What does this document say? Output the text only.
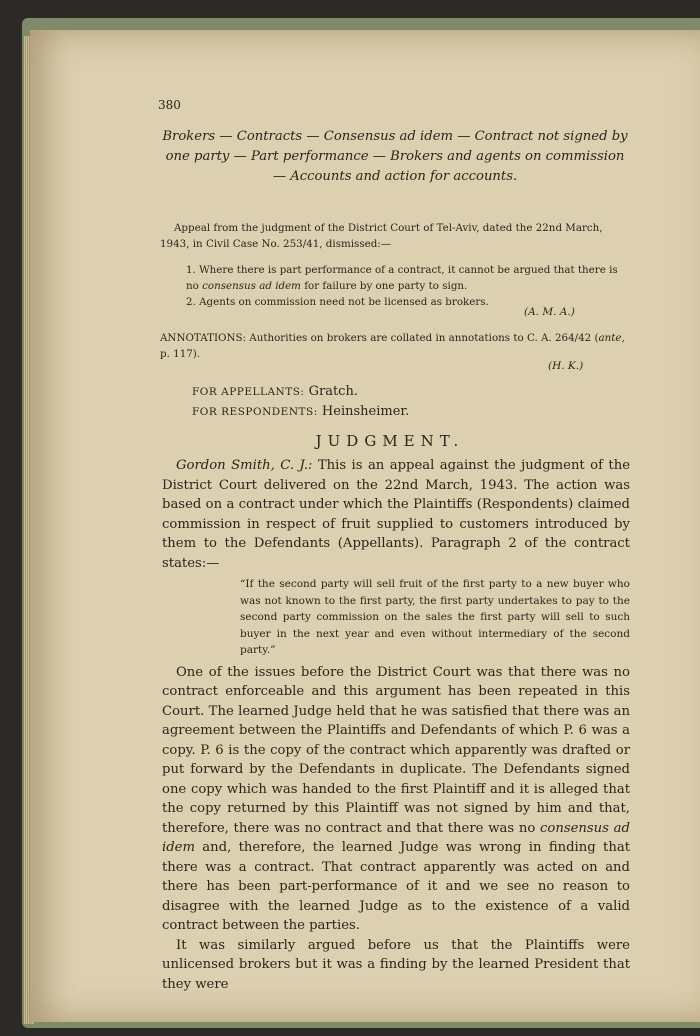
380
Brokers — Contracts — Consensus ad idem — Contract not signed by one party — Part performance — Brokers and agents on commission — Accounts and action for accounts.
Appeal from the judgment of the District Court of Tel-Aviv, dated the 22nd March, 1943, in Civil Case No. 253/41, dismissed:—

1. Where there is part performance of a contract, it cannot be argued that there is no consensus ad idem for failure by one party to sign.

2. Agents on commission need not be licensed as brokers.

(A. M. A.)
ANNOTATIONS: Authorities on brokers are collated in annotations to C. A. 264/42 (ante, p. 117).
(H. K.)
FOR APPELLANTS: Gratch.
FOR RESPONDENTS: Heinsheimer.
JUDGMENT.

Gordon Smith, C. J.: This is an appeal against the judgment of the District Court delivered on the 22nd March, 1943. The action was based on a contract under which the Plaintiffs (Respondents) claimed commission in respect of fruit supplied to customers introduced by them to the Defendants (Appellants). Paragraph 2 of the contract states:—

“If the second party will sell fruit of the first party to a new buyer who was not known to the first party, the first party undertakes to pay to the second party commission on the sales the first party will sell to such buyer in the next year and even without intermediary of the second party.”

One of the issues before the District Court was that there was no contract enforceable and this argument has been repeated in this Court. The learned Judge held that he was satisfied that there was an agreement between the Plaintiffs and Defendants of which P. 6 was a copy. P. 6 is the copy of the contract which apparently was drafted or put forward by the Defendants in duplicate. The Defendants signed one copy which was handed to the first Plaintiff and it is alleged that the copy returned by this Plaintiff was not signed by him and that, therefore, there was no contract and that there was no consensus ad idem and, therefore, the learned Judge was wrong in finding that there was a contract. That contract apparently was acted on and there has been part-performance of it and we see no reason to disagree with the learned Judge as to the existence of a valid contract between the parties.

It was similarly argued before us that the Plaintiffs were unlicensed brokers but it was a finding by the learned President that they were
